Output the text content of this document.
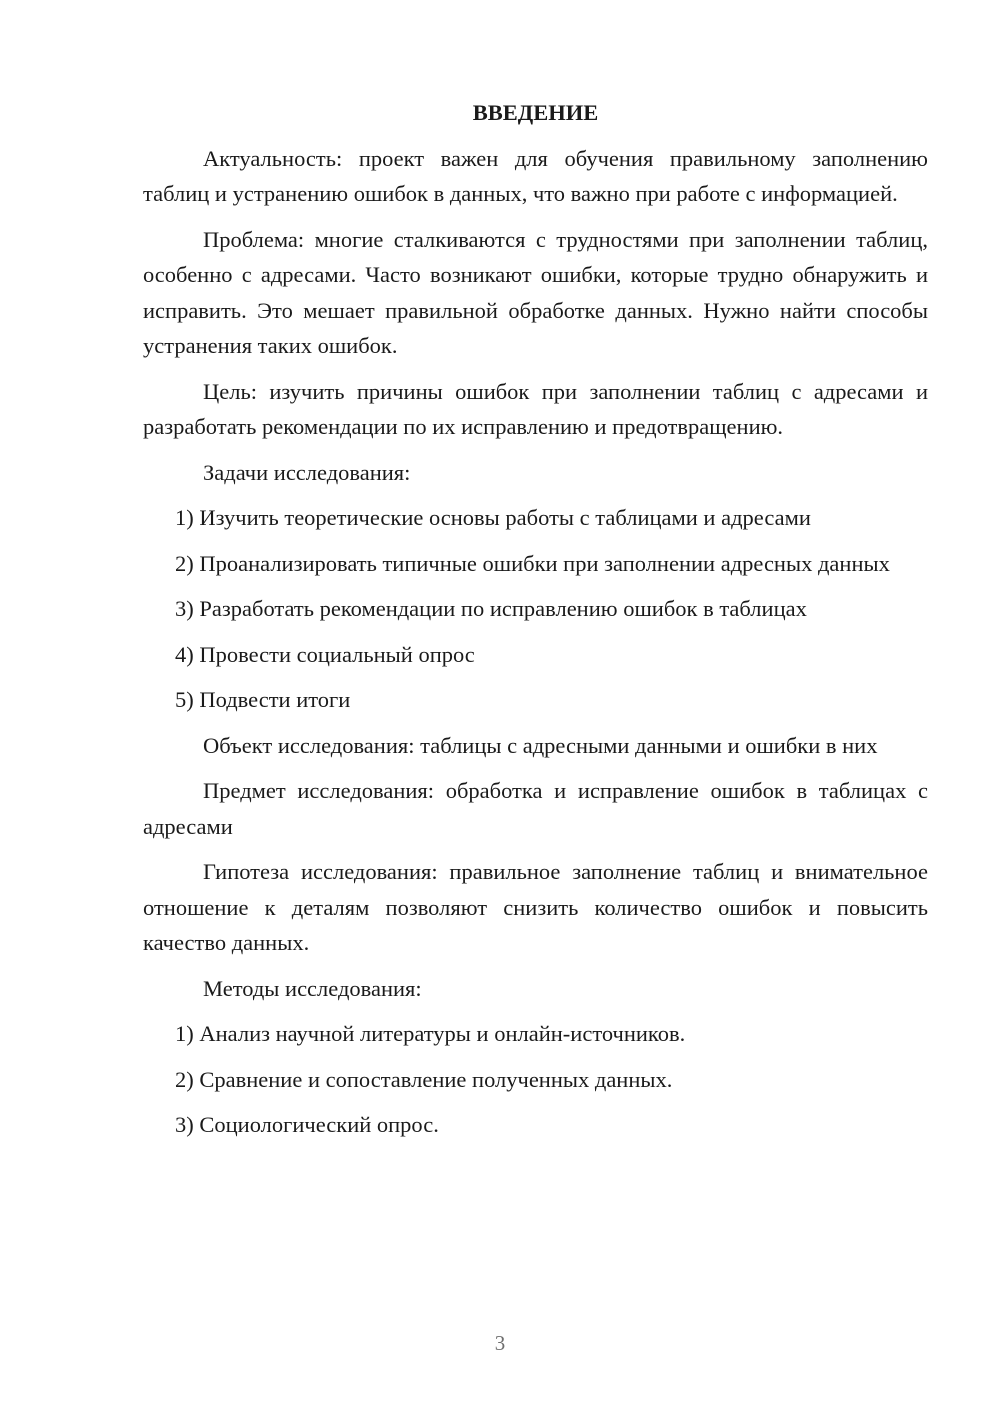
ВВЕДЕНИЕ

Актуальность: проект важен для обучения правильному заполнению таблиц и устранению ошибок в данных, что важно при работе с информацией.

Проблема: многие сталкиваются с трудностями при заполнении таблиц, особенно с адресами. Часто возникают ошибки, которые трудно обнаружить и исправить. Это мешает правильной обработке данных. Нужно найти способы устранения таких ошибок.

Цель: изучить причины ошибок при заполнении таблиц с адресами и разработать рекомендации по их исправлению и предотвращению.

Задачи исследования:

1) Изучить теоретические основы работы с таблицами и адресами

2) Проанализировать типичные ошибки при заполнении адресных данных

3) Разработать рекомендации по исправлению ошибок в таблицах

4) Провести социальный опрос

5) Подвести итоги

Объект исследования: таблицы с адресными данными и ошибки в них

Предмет исследования: обработка и исправление ошибок в таблицах с адресами

Гипотеза исследования: правильное заполнение таблиц и внимательное отношение к деталям позволяют снизить количество ошибок и повысить качество данных.

Методы исследования:

1) Анализ научной литературы и онлайн-источников.

2) Сравнение и сопоставление полученных данных.

3) Социологический опрос.

3
